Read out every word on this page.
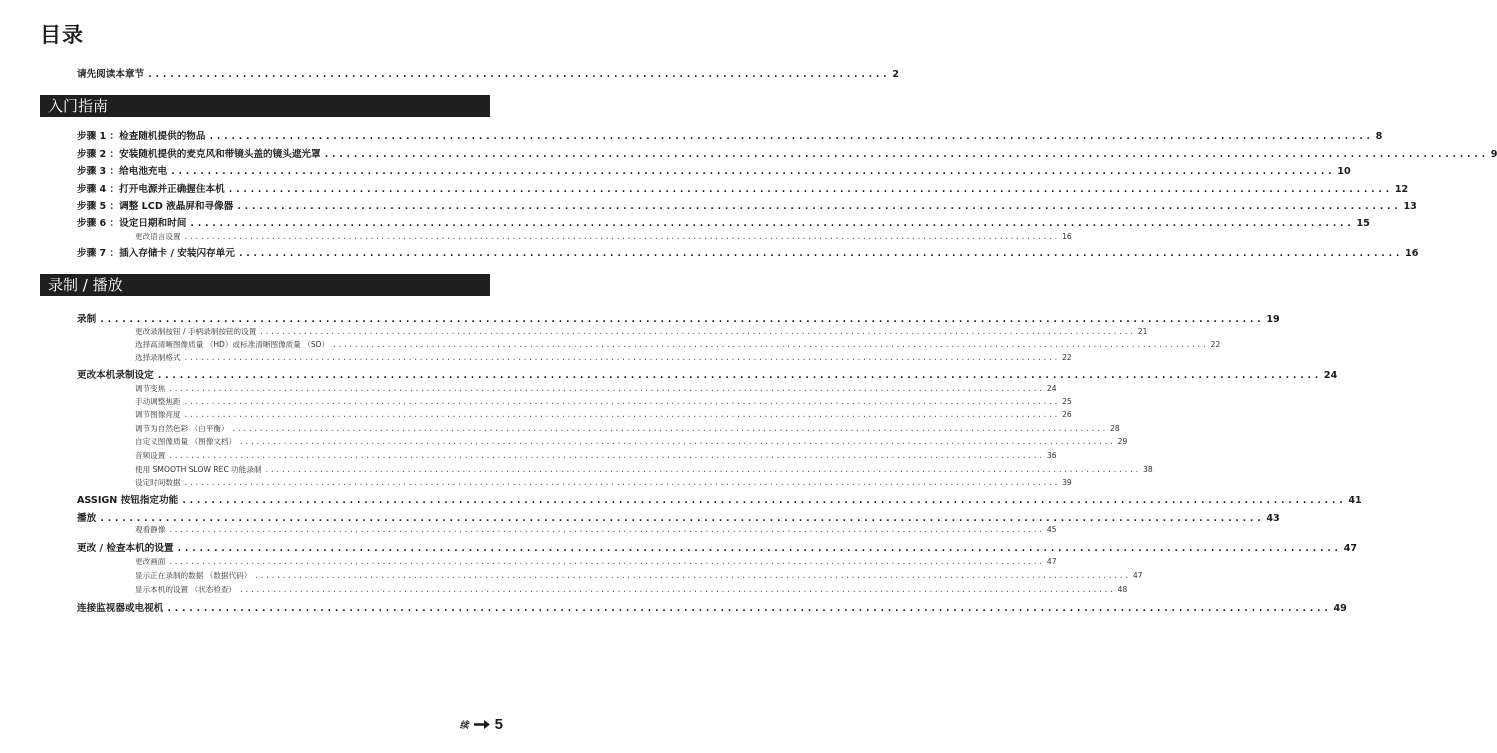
目录
请先阅读本章节 ...................................................................................................... 2
入门指南
步骤 1 ：检查随机提供的物品 ................................................................................................................................................................ 8
步骤 2 ：安装随机提供的麦克风和带镜头盖的镜头遮光罩 ................................................................................................................................................................ 9
步骤 3 ：给电池充电 ................................................................................................................................................................ 10
步骤 4 ：打开电源并正确握住本机 ................................................................................................................................................................ 12
步骤 5 ：调整 LCD 液晶屏和寻像器 ................................................................................................................................................................ 13
步骤 6 ：设定日期和时间 ................................................................................................................................................................ 15
更改语言设置 ................................................................................................................................................................ 16
步骤 7 ：插入存储卡 / 安装闪存单元 ................................................................................................................................................................ 16
录制 / 播放
录制 ................................................................................................................................................................ 19
更改录制按钮 / 手柄录制按钮的设置 ................................................................................................................................................................ 21
选择高清晰图像质量 （HD）或标准清晰图像质量 （SD） ................................................................................................................................................................ 22
选择录制格式 ................................................................................................................................................................ 22
更改本机录制设定 ................................................................................................................................................................ 24
调节变焦 ................................................................................................................................................................ 24
手动调整焦距 ................................................................................................................................................................ 25
调节图像亮度 ................................................................................................................................................................ 26
调节为自然色彩 （白平衡） ................................................................................................................................................................ 28
自定义图像质量 （图像文档） ................................................................................................................................................................ 29
音频设置 ................................................................................................................................................................ 36
使用 SMOOTH SLOW REC 功能录制 ................................................................................................................................................................ 38
设定时间数据 ................................................................................................................................................................ 39
ASSIGN 按钮指定功能 ................................................................................................................................................................ 41
播放 ................................................................................................................................................................ 43
观看静像 ................................................................................................................................................................ 45
更改 / 检查本机的设置 ................................................................................................................................................................ 47
更改画面 ................................................................................................................................................................ 47
显示正在录制的数据 （数据代码） ................................................................................................................................................................ 47
显示本机的设置 （状态检查） ................................................................................................................................................................ 48
连接监视器或电视机 ................................................................................................................................................................ 49
续 5
